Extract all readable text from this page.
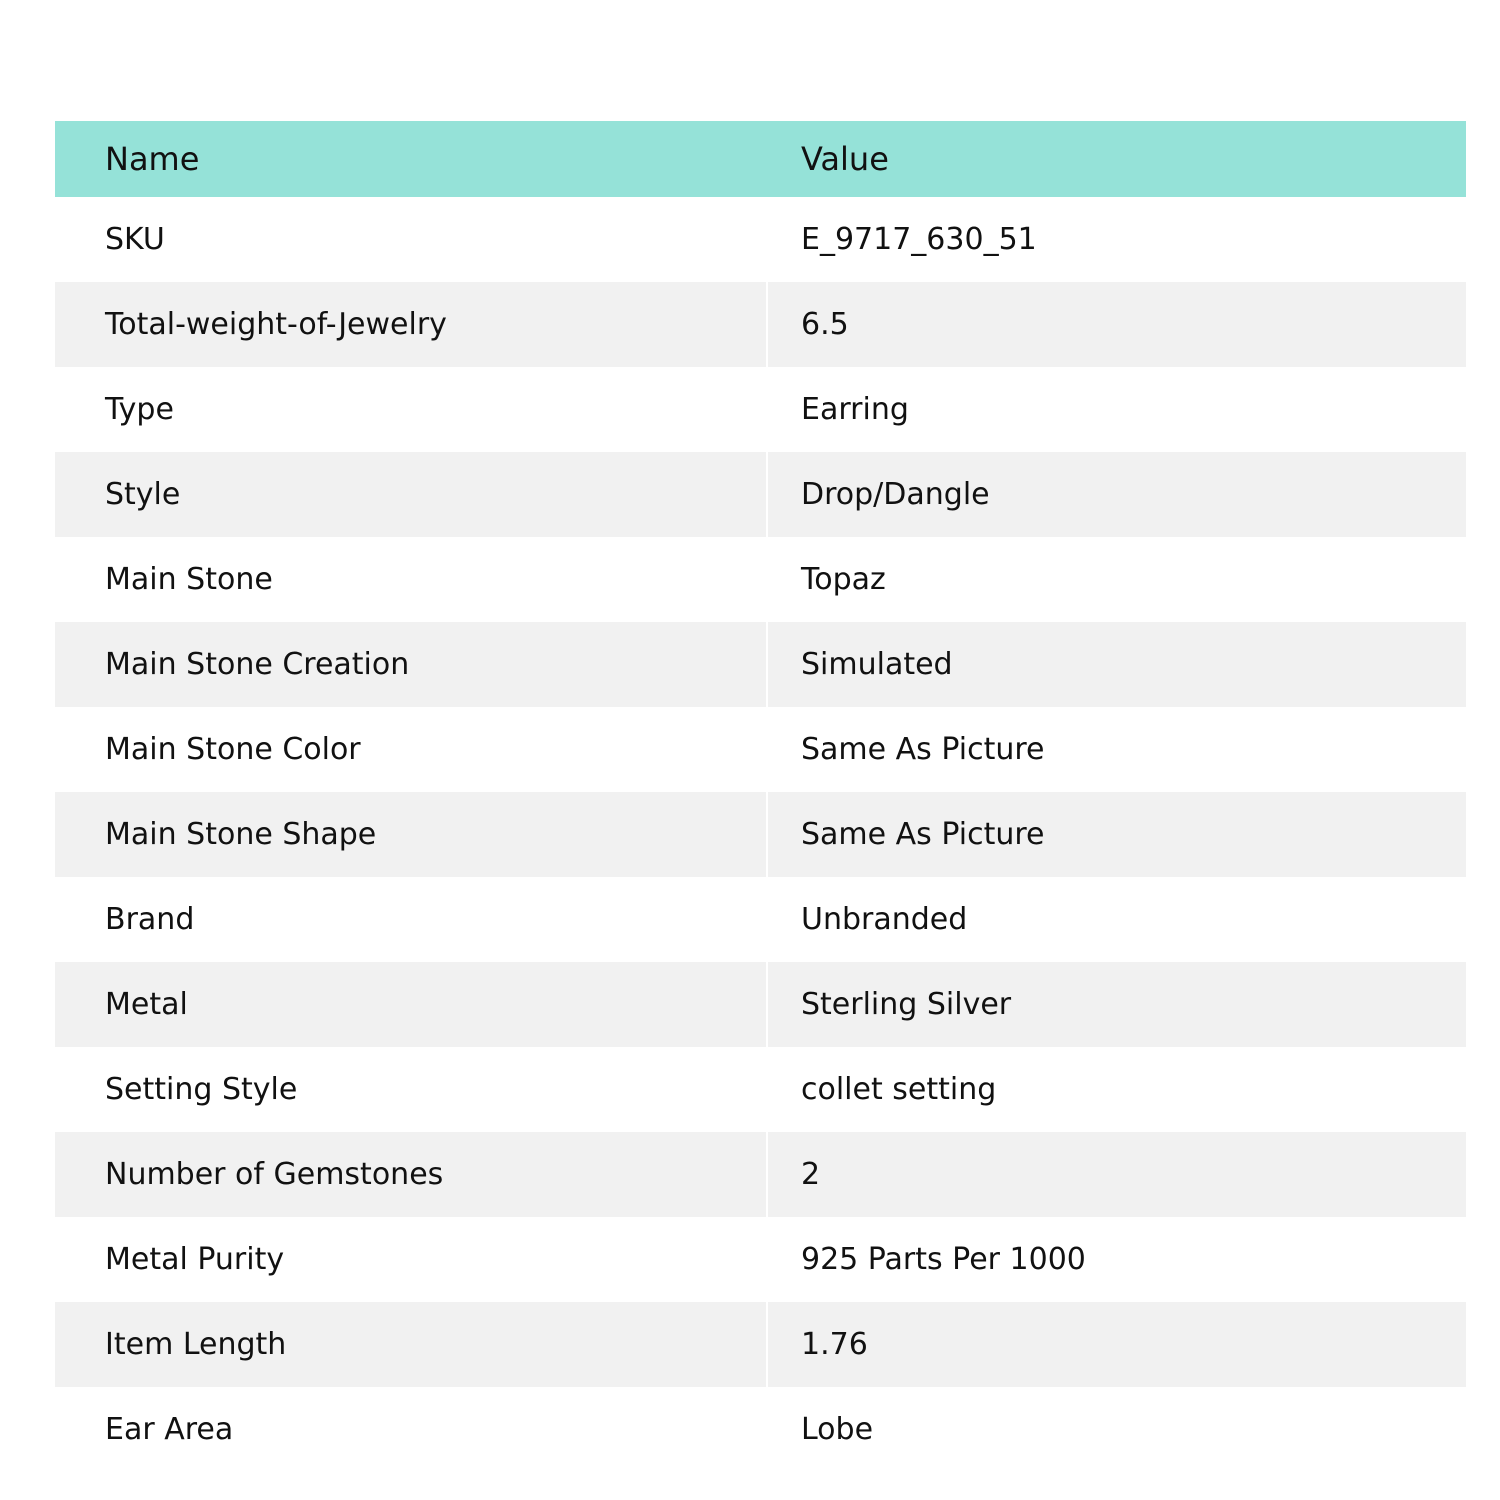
Name	Value
SKU	E_9717_630_51
Total-weight-of-Jewelry	6.5
Type	Earring
Style	Drop/Dangle
Main Stone	Topaz
Main Stone Creation	Simulated
Main Stone Color	Same As Picture
Main Stone Shape	Same As Picture
Brand	Unbranded
Metal	Sterling Silver
Setting Style	collet setting
Number of Gemstones	2
Metal Purity	925 Parts Per 1000
Item Length	1.76
Ear Area	Lobe
